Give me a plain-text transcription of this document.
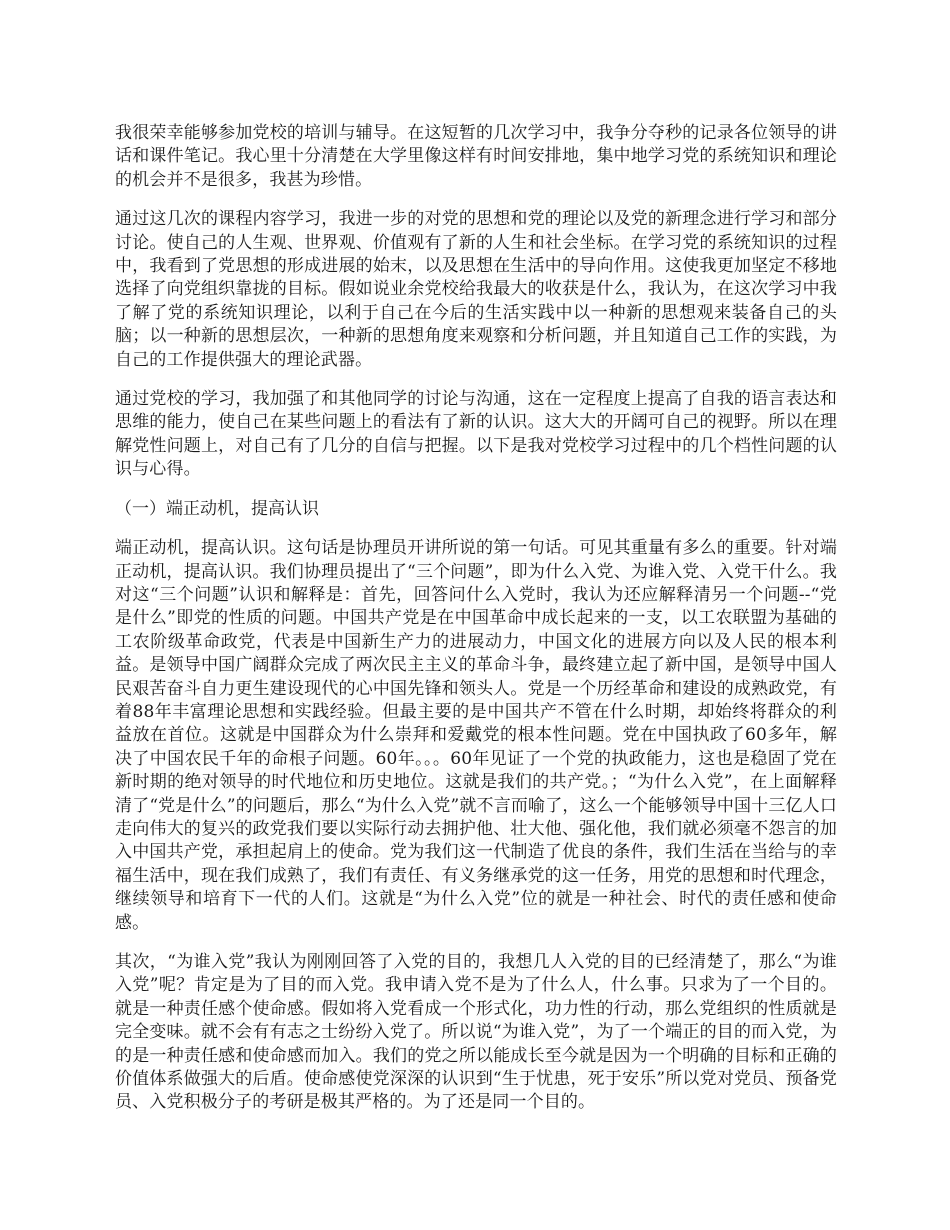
我很荣幸能够参加党校的培训与辅导。在这短暂的几次学习中，我争分夺秒的记录各位领导的讲话和课件笔记。我心里十分清楚在大学里像这样有时间安排地，集中地学习党的系统知识和理论的机会并不是很多，我甚为珍惜。

通过这几次的课程内容学习，我进一步的对党的思想和党的理论以及党的新理念进行学习和部分讨论。使自己的人生观、世界观、价值观有了新的人生和社会坐标。在学习党的系统知识的过程中，我看到了党思想的形成进展的始末，以及思想在生活中的导向作用。这使我更加坚定不移地选择了向党组织靠拢的目标。假如说业余党校给我最大的收获是什么，我认为，在这次学习中我了解了党的系统知识理论，以利于自己在今后的生活实践中以一种新的思想观来装备自己的头脑；以一种新的思想层次，一种新的思想角度来观察和分析问题，并且知道自己工作的实践，为自己的工作提供强大的理论武器。

通过党校的学习，我加强了和其他同学的讨论与沟通，这在一定程度上提高了自我的语言表达和思维的能力，使自己在某些问题上的看法有了新的认识。这大大的开阔可自己的视野。所以在理解党性问题上，对自己有了几分的自信与把握。以下是我对党校学习过程中的几个档性问题的认识与心得。

（一）端正动机，提高认识

端正动机，提高认识。这句话是协理员开讲所说的第一句话。可见其重量有多么的重要。针对端正动机，提高认识。我们协理员提出了“三个问题”，即为什么入党、为谁入党、入党干什么。我对这“三个问题”认识和解释是：首先，回答问什么入党时，我认为还应解释清另一个问题--“党是什么”即党的性质的问题。中国共产党是在中国革命中成长起来的一支，以工农联盟为基础的工农阶级革命政党，代表是中国新生产力的进展动力，中国文化的进展方向以及人民的根本利益。是领导中国广阔群众完成了两次民主主义的革命斗争，最终建立起了新中国，是领导中国人民艰苦奋斗自力更生建设现代的心中国先锋和领头人。党是一个历经革命和建设的成熟政党，有着88年丰富理论思想和实践经验。但最主要的是中国共产不管在什么时期，却始终将群众的利益放在首位。这就是中国群众为什么崇拜和爱戴党的根本性问题。党在中国执政了60多年，解决了中国农民千年的命根子问题。60年。。。60年见证了一个党的执政能力，这也是稳固了党在新时期的绝对领导的时代地位和历史地位。这就是我们的共产党。；“为什么入党”，在上面解释清了“党是什么”的问题后，那么“为什么入党”就不言而喻了，这么一个能够领导中国十三亿人口走向伟大的复兴的政党我们要以实际行动去拥护他、壮大他、强化他，我们就必须毫不怨言的加入中国共产党，承担起肩上的使命。党为我们这一代制造了优良的条件，我们生活在当给与的幸福生活中，现在我们成熟了，我们有责任、有义务继承党的这一任务，用党的思想和时代理念，继续领导和培育下一代的人们。这就是“为什么入党”位的就是一种社会、时代的责任感和使命感。

其次，“为谁入党”我认为刚刚回答了入党的目的，我想几人入党的目的已经清楚了，那么“为谁入党”呢？肯定是为了目的而入党。我申请入党不是为了什么人，什么事。只求为了一个目的。就是一种责任感个使命感。假如将入党看成一个形式化，功力性的行动，那么党组织的性质就是完全变味。就不会有有志之士纷纷入党了。所以说“为谁入党”，为了一个端正的目的而入党，为的是一种责任感和使命感而加入。我们的党之所以能成长至今就是因为一个明确的目标和正确的价值体系做强大的后盾。使命感使党深深的认识到“生于忧患，死于安乐”所以党对党员、预备党员、入党积极分子的考研是极其严格的。为了还是同一个目的。
